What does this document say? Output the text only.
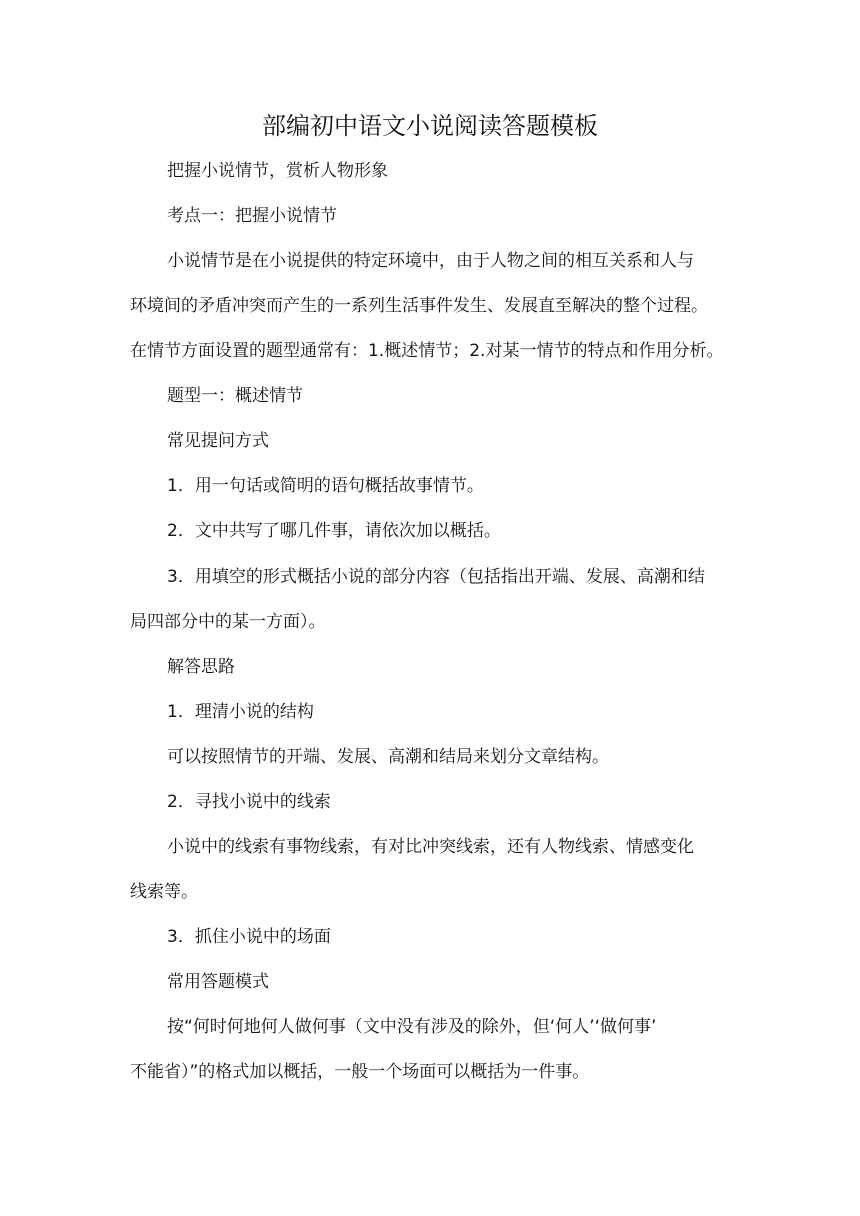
部编初中语文小说阅读答题模板
把握小说情节，赏析人物形象
考点一：把握小说情节
小说情节是在小说提供的特定环境中，由于人物之间的相互关系和人与
环境间的矛盾冲突而产生的一系列生活事件发生、发展直至解决的整个过程。
在情节方面设置的题型通常有：1.概述情节；2.对某一情节的特点和作用分析。
题型一：概述情节
常见提问方式
1．用一句话或简明的语句概括故事情节。
2．文中共写了哪几件事，请依次加以概括。
3．用填空的形式概括小说的部分内容（包括指出开端、发展、高潮和结
局四部分中的某一方面）。
解答思路
1．理清小说的结构
可以按照情节的开端、发展、高潮和结局来划分文章结构。
2．寻找小说中的线索
小说中的线索有事物线索，有对比冲突线索，还有人物线索、情感变化
线索等。
3．抓住小说中的场面
常用答题模式
按“何时何地何人做何事（文中没有涉及的除外，但‘何人’‘做何事’
不能省）”的格式加以概括，一般一个场面可以概括为一件事。
